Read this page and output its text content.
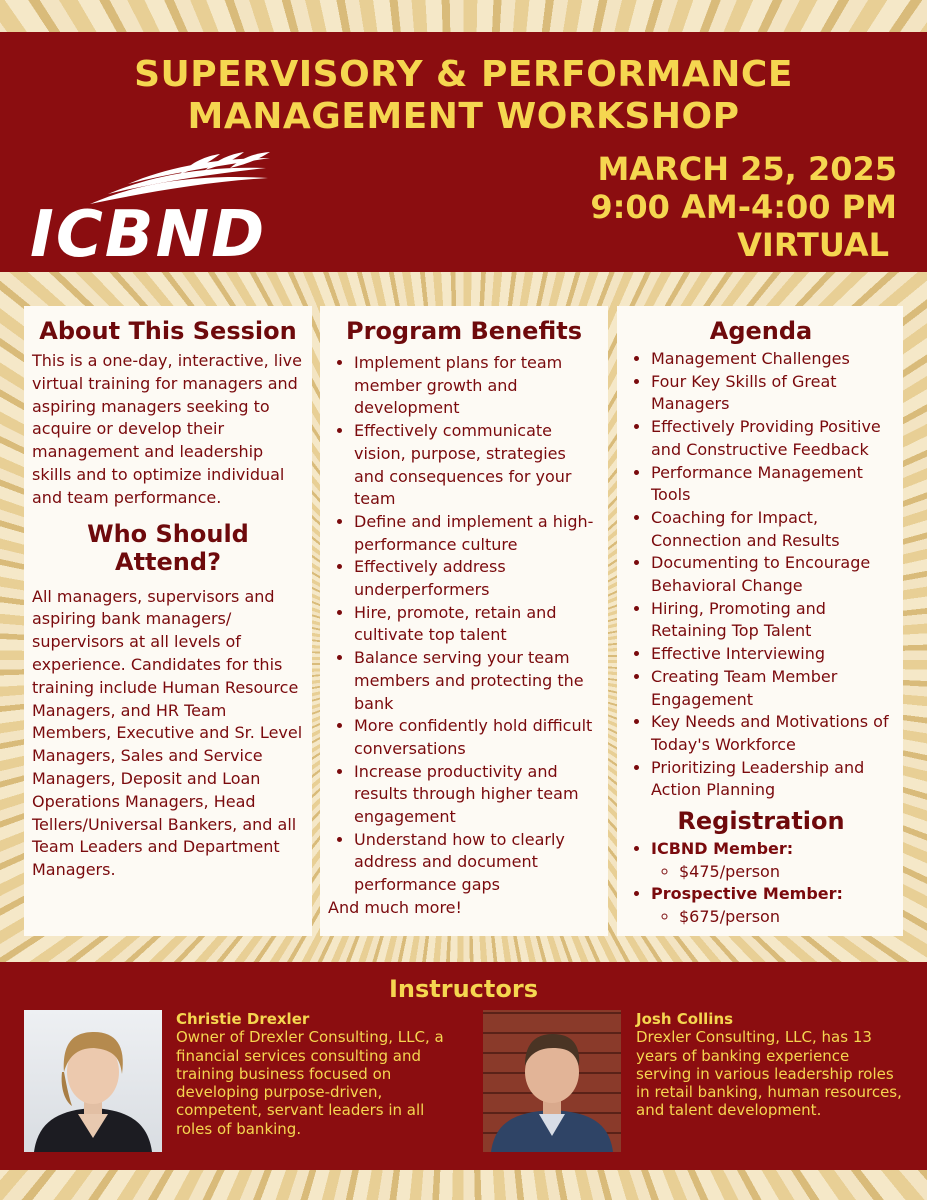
SUPERVISORY & PERFORMANCE
MANAGEMENT WORKSHOP
ICBND
MARCH 25, 2025
9:00 AM-4:00 PM
VIRTUAL
About This Session

This is a one-day, interactive, live virtual training for managers and aspiring managers seeking to acquire or develop their management and leadership skills and to optimize individual and team performance.

Who Should
Attend?

All managers, supervisors and aspiring bank managers/ supervisors at all levels of experience. Candidates for this training include Human Resource Managers, and HR Team Members, Executive and Sr. Level Managers, Sales and Service Managers, Deposit and Loan Operations Managers, Head Tellers/Universal Bankers, and all Team Leaders and Department Managers.

Program Benefits
• Implement plans for team member growth and development
• Effectively communicate vision, purpose, strategies and consequences for your team
• Define and implement a high-performance culture
• Effectively address underperformers
• Hire, promote, retain and cultivate top talent
• Balance serving your team members and protecting the bank
• More confidently hold difficult conversations
• Increase productivity and results through higher team engagement
• Understand how to clearly address and document performance gaps

And much more!

Agenda
• Management Challenges
• Four Key Skills of Great Managers
• Effectively Providing Positive and Constructive Feedback
• Performance Management Tools
• Coaching for Impact, Connection and Results
• Documenting to Encourage Behavioral Change
• Hiring, Promoting and Retaining Top Talent
• Effective Interviewing
• Creating Team Member Engagement
• Key Needs and Motivations of Today's Workforce
• Prioritizing Leadership and Action Planning
Registration
• ICBND Member:
◦ $475/person
• Prospective Member:
◦ $675/person
Instructors
Christie Drexler
Owner of Drexler Consulting, LLC, a financial services consulting and training business focused on developing purpose-driven, competent, servant leaders in all roles of banking.
Josh Collins
Drexler Consulting, LLC, has 13 years of banking experience serving in various leadership roles in retail banking, human resources, and talent development.
